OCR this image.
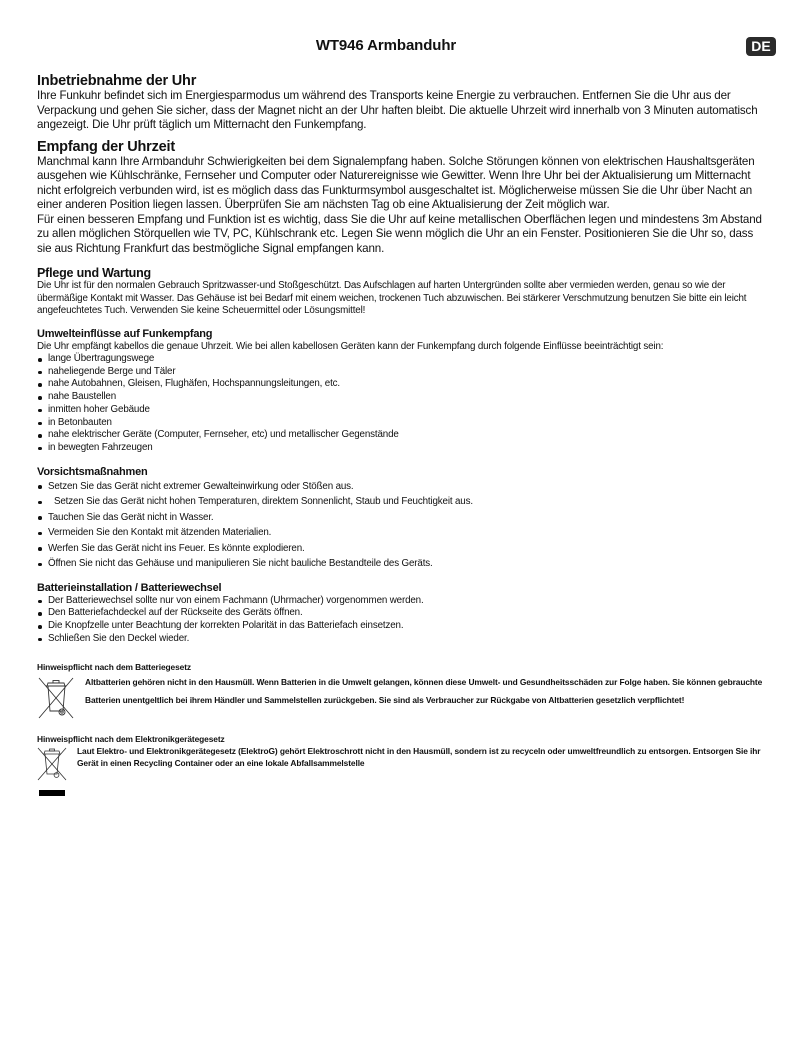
WT946 Armbanduhr	DE
Inbetriebnahme der Uhr

Ihre Funkuhr befindet sich im Energiesparmodus um während des Transports keine Energie zu verbrauchen. Entfernen Sie die Uhr aus der Verpackung und gehen Sie sicher, dass der Magnet nicht an der Uhr haften bleibt. Die aktuelle Uhrzeit wird innerhalb von 3 Minuten automatisch angezeigt. Die Uhr prüft täglich um Mitternacht den Funkempfang.

Empfang der Uhrzeit

Manchmal kann Ihre Armbanduhr Schwierigkeiten bei dem Signalempfang haben. Solche Störungen können von elektrischen Haushaltsgeräten ausgehen wie Kühlschränke, Fernseher und Computer oder Naturereignisse wie Gewitter. Wenn Ihre Uhr bei der Aktualisierung um Mitternacht nicht erfolgreich verbunden wird, ist es möglich dass das Funkturmsymbol ausgeschaltet ist. Möglicherweise müssen Sie die Uhr über Nacht an einer anderen Position liegen lassen. Überprüfen Sie am nächsten Tag ob eine Aktualisierung der Zeit möglich war.

Für einen besseren Empfang und Funktion ist es wichtig, dass Sie die Uhr auf keine metallischen Oberflächen legen und mindestens 3m Abstand zu allen möglichen Störquellen wie TV, PC, Kühlschrank etc. Legen Sie wenn möglich die Uhr an ein Fenster. Positionieren Sie die Uhr so, dass sie aus Richtung Frankfurt das bestmögliche Signal empfangen kann.

Pflege und Wartung

Die Uhr ist für den normalen Gebrauch Spritzwasser-und Stoßgeschützt. Das Aufschlagen auf harten Untergründen sollte aber vermieden werden, genau so wie der übermäßige Kontakt mit Wasser. Das Gehäuse ist bei Bedarf mit einem weichen, trockenen Tuch abzuwischen. Bei stärkerer Verschmutzung benutzen Sie bitte ein leicht angefeuchtetes Tuch. Verwenden Sie keine Scheuermittel oder Lösungsmittel!

Umwelteinflüsse auf Funkempfang

Die Uhr empfängt kabellos die genaue Uhrzeit. Wie bei allen kabellosen Geräten kann der Funkempfang durch folgende Einflüsse beeinträchtigt sein:

lange Übertragungswege
naheliegende Berge und Täler
nahe Autobahnen, Gleisen, Flughäfen, Hochspannungsleitungen, etc.
nahe Baustellen
inmitten hoher Gebäude
in Betonbauten
nahe elektrischer Geräte (Computer, Fernseher, etc) und metallischer Gegenstände
in bewegten Fahrzeugen
Vorsichtsmaßnahmen
Setzen Sie das Gerät nicht extremer Gewalteinwirkung oder Stößen aus.
Setzen Sie das Gerät nicht hohen Temperaturen, direktem Sonnenlicht, Staub und Feuchtigkeit aus.
Tauchen Sie das Gerät nicht in Wasser.
Vermeiden Sie den Kontakt mit ätzenden Materialien.
Werfen Sie das Gerät nicht ins Feuer. Es könnte explodieren.
Öffnen Sie nicht das Gehäuse und manipulieren Sie nicht bauliche Bestandteile des Geräts.
Batterieinstallation / Batteriewechsel
Der Batteriewechsel sollte nur von einem Fachmann (Uhrmacher) vorgenommen werden.
Den Batteriefachdeckel auf der Rückseite des Geräts öffnen.
Die Knopfzelle unter Beachtung der korrekten Polarität in das Batteriefach einsetzen.
Schließen Sie den Deckel wieder.
Hinweispflicht nach dem Batteriegesetz
Altbatterien gehören nicht in den Hausmüll. Wenn Batterien in die Umwelt gelangen, können diese Umwelt- und Gesundheitsschäden zur Folge haben. Sie können gebrauchte Batterien unentgeltlich bei ihrem Händler und Sammelstellen zurückgeben. Sie sind als Verbraucher zur Rückgabe von Altbatterien gesetzlich verpflichtet!
Hinweispflicht nach dem Elektronikgerätegesetz
Laut Elektro- und Elektronikgerätegesetz (ElektroG) gehört Elektroschrott nicht in den Hausmüll, sondern ist zu recyceln oder umweltfreundlich zu entsorgen. Entsorgen Sie ihr Gerät in einen Recycling Container oder an eine lokale Abfallsammelstelle
